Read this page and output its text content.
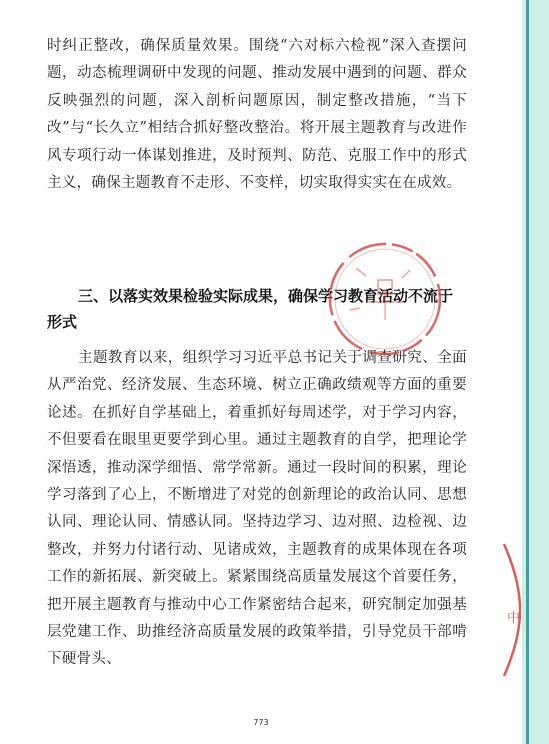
时纠正整改，确保质量效果。围绕“六对标六检视”深入查摆问题，动态梳理调研中发现的问题、推动发展中遇到的问题、群众反映强烈的问题，深入剖析问题原因，制定整改措施，“当下改”与“长久立”相结合抓好整改整治。将开展主题教育与改进作风专项行动一体谋划推进，及时预判、防范、克服工作中的形式主义，确保主题教育不走形、不变样，切实取得实实在在成效。
三、以落实效果检验实际成果，确保学习教育活动不流于形式
主题教育以来，组织学习习近平总书记关于调查研究、全面从严治党、经济发展、生态环境、树立正确政绩观等方面的重要论述。在抓好自学基础上，着重抓好每周述学，对于学习内容，不但要看在眼里更要学到心里。通过主题教育的自学，把理论学深悟透，推动深学细悟、常学常新。通过一段时间的积累，理论学习落到了心上，不断增进了对党的创新理论的政治认同、思想认同、理论认同、情感认同。坚持边学习、边对照、边检视、边整改，并努力付诸行动、见诸成效，主题教育的成果体现在各项工作的新拓展、新突破上。紧紧围绕高质量发展这个首要任务，把开展主题教育与推动中心工作紧密结合起来，研究制定加强基层党建工作、助推经济高质量发展的政策举措，引导党员干部啃下硬骨头、
中
773
